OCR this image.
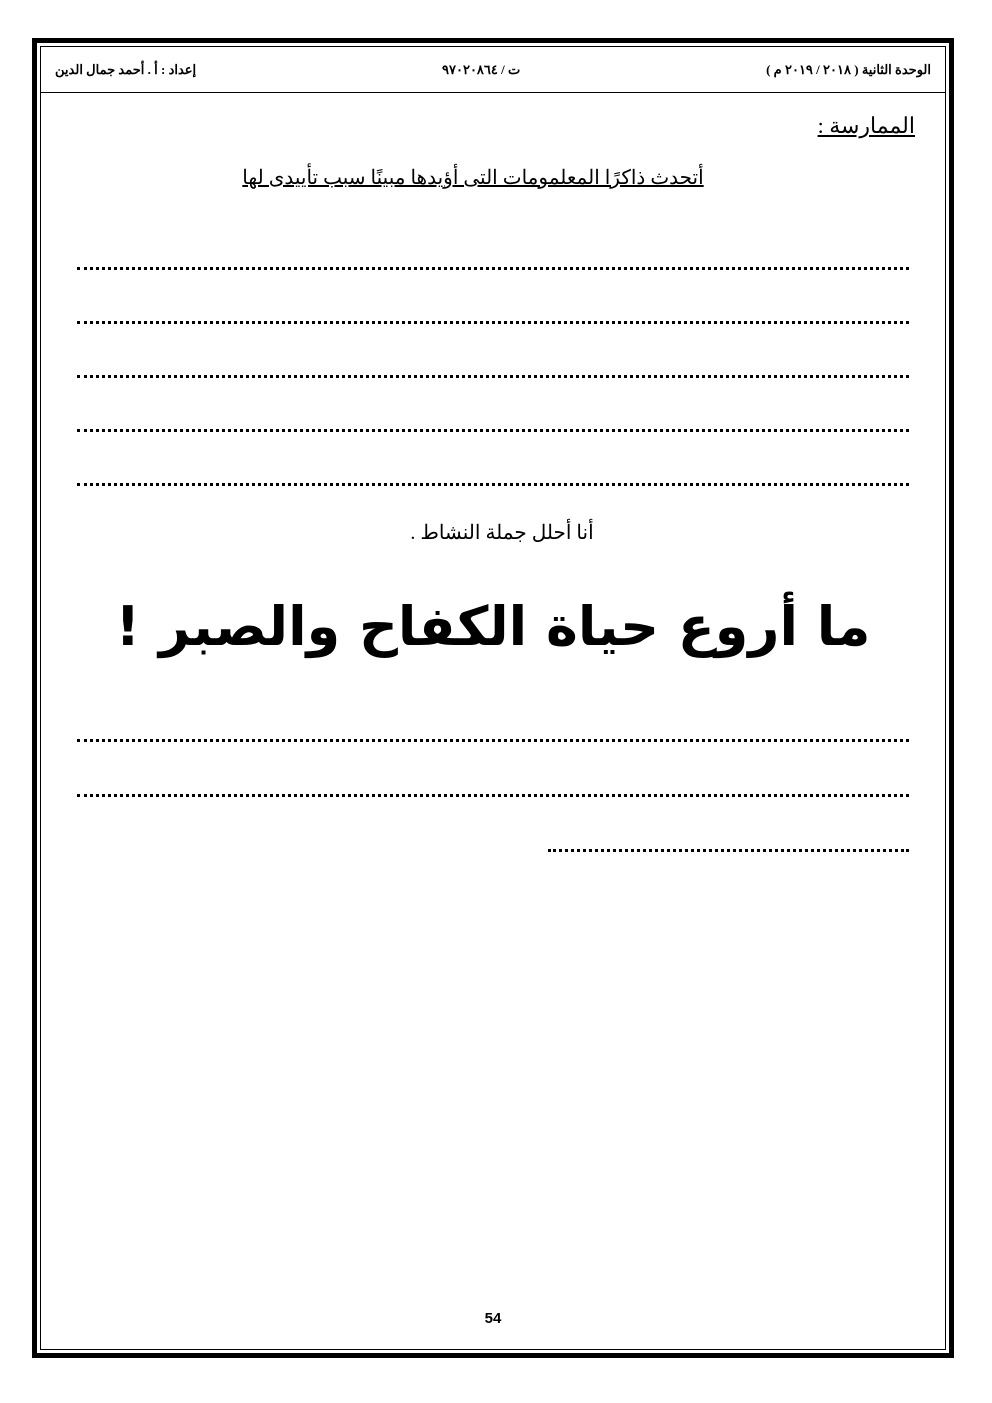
الوحدة الثانية ( ٢٠١٨ / ٢٠١٩ م )
ت / ٩٧٠٢٠٨٦٤
إعداد : أ . أحمد جمال الدين
الممارسة :
أتحدث ذاكرًا المعلمومات التى أؤيدها مبينًا سبب تأييدى لها
أنا أحلل جملة النشاط .
ما أروع حياة الكفاح والصبر !
54
